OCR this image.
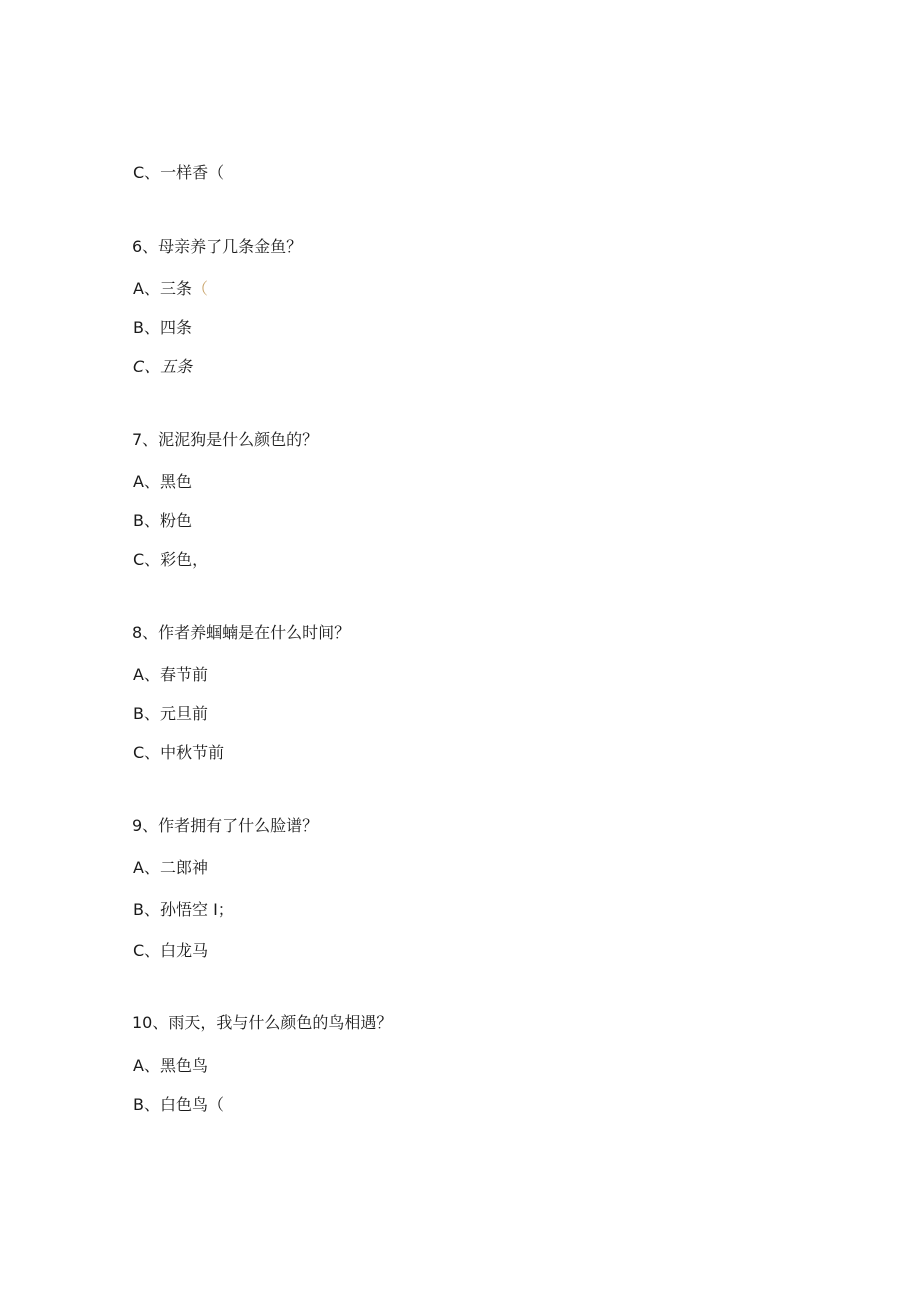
C、一样香（
6、母亲养了几条金鱼？
A、三条（
B、四条
C、五条
7、泥泥狗是什么颜色的？
A、黑色
B、粉色
C、彩色，
8、作者养蝈蝻是在什么时间？
A、春节前
B、元旦前
C、中秋节前
9、作者拥有了什么脸谱？
A、二郎神
B、孙悟空 I；
C、白龙马
10、雨天，我与什么颜色的鸟相遇？
A、黑色鸟
B、白色鸟（
